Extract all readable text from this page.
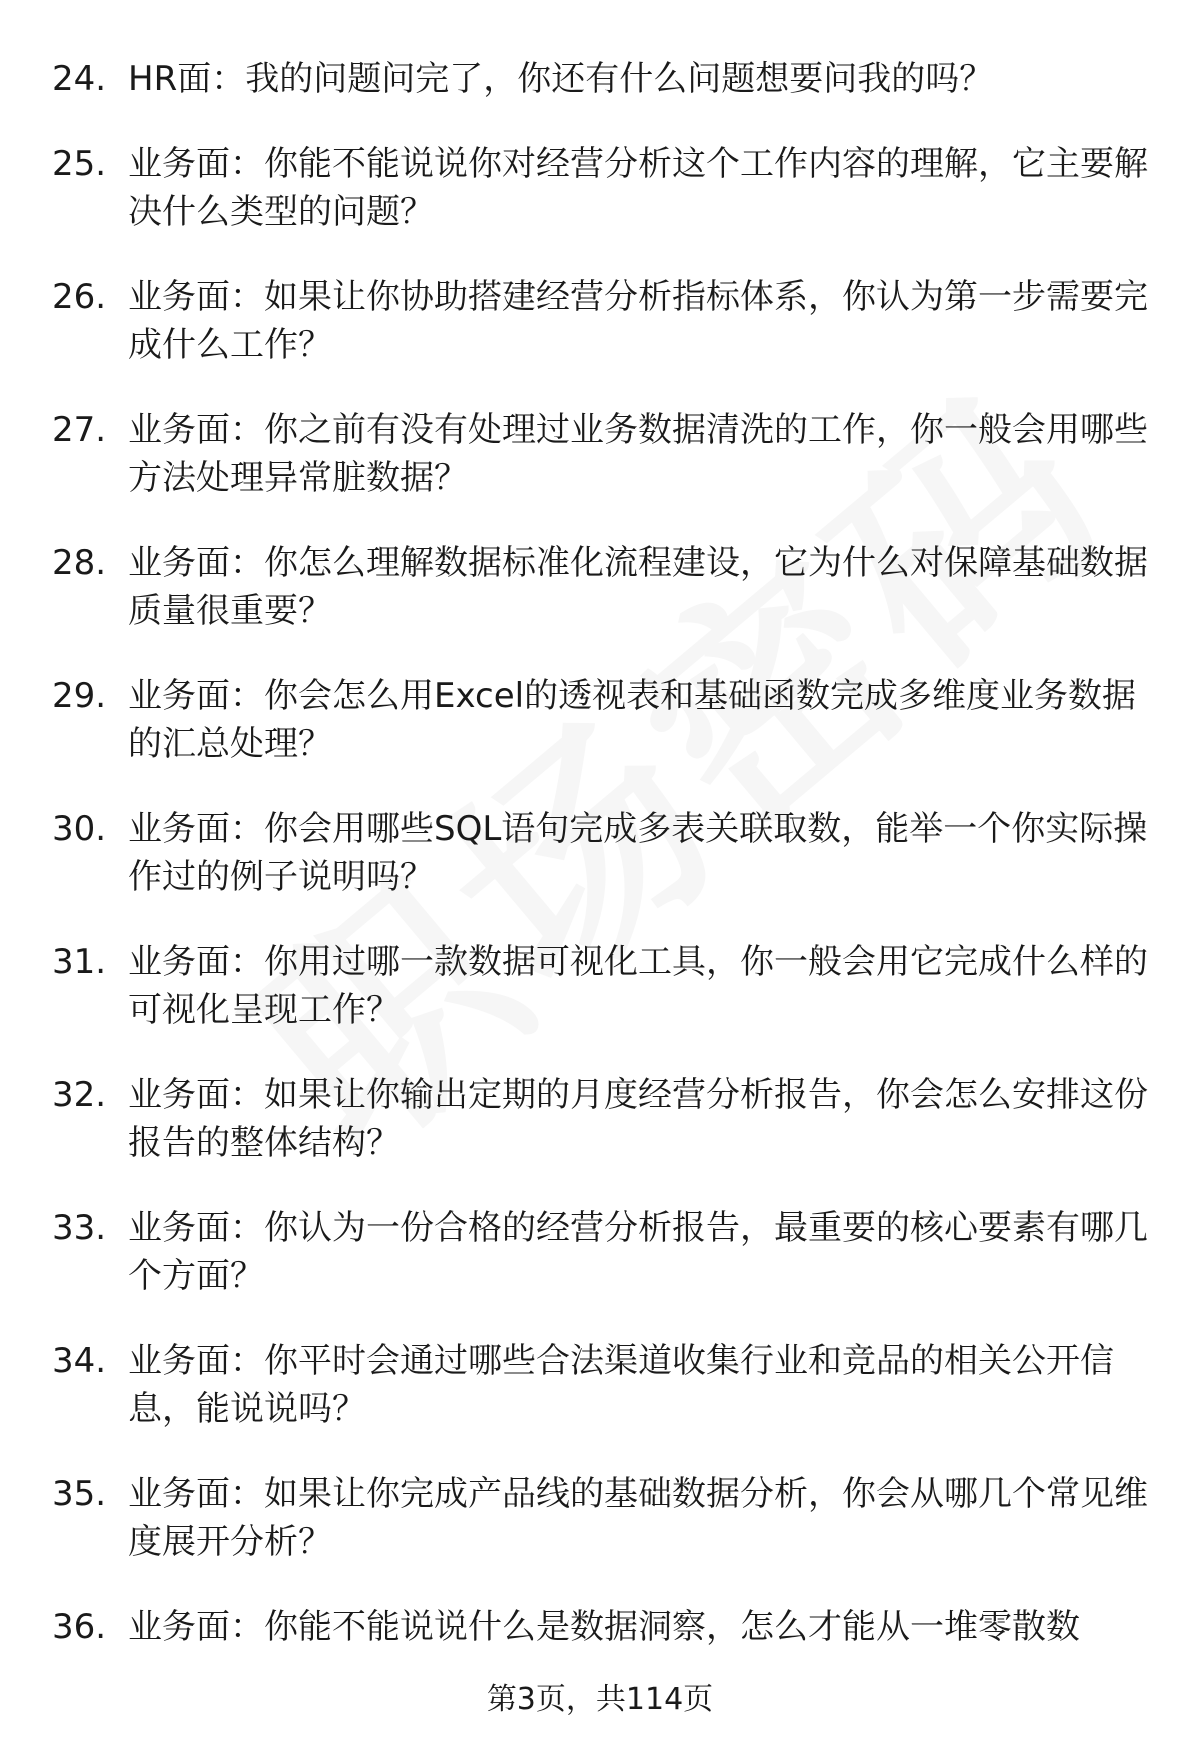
24. HR面：我的问题问完了，你还有什么问题想要问我的吗？
25. 业务面：你能不能说说你对经营分析这个工作内容的理解，它主要解决什么类型的问题？
26. 业务面：如果让你协助搭建经营分析指标体系，你认为第一步需要完成什么工作？
27. 业务面：你之前有没有处理过业务数据清洗的工作，你一般会用哪些方法处理异常脏数据？
28. 业务面：你怎么理解数据标准化流程建设，它为什么对保障基础数据质量很重要？
29. 业务面：你会怎么用Excel的透视表和基础函数完成多维度业务数据的汇总处理？
30. 业务面：你会用哪些SQL语句完成多表关联取数，能举一个你实际操作过的例子说明吗？
31. 业务面：你用过哪一款数据可视化工具，你一般会用它完成什么样的可视化呈现工作？
32. 业务面：如果让你输出定期的月度经营分析报告，你会怎么安排这份报告的整体结构？
33. 业务面：你认为一份合格的经营分析报告，最重要的核心要素有哪几个方面？
34. 业务面：你平时会通过哪些合法渠道收集行业和竞品的相关公开信息，能说说吗？
35. 业务面：如果让你完成产品线的基础数据分析，你会从哪几个常见维度展开分析？
36. 业务面：你能不能说说什么是数据洞察，怎么才能从一堆零散数
第3页，共114页
